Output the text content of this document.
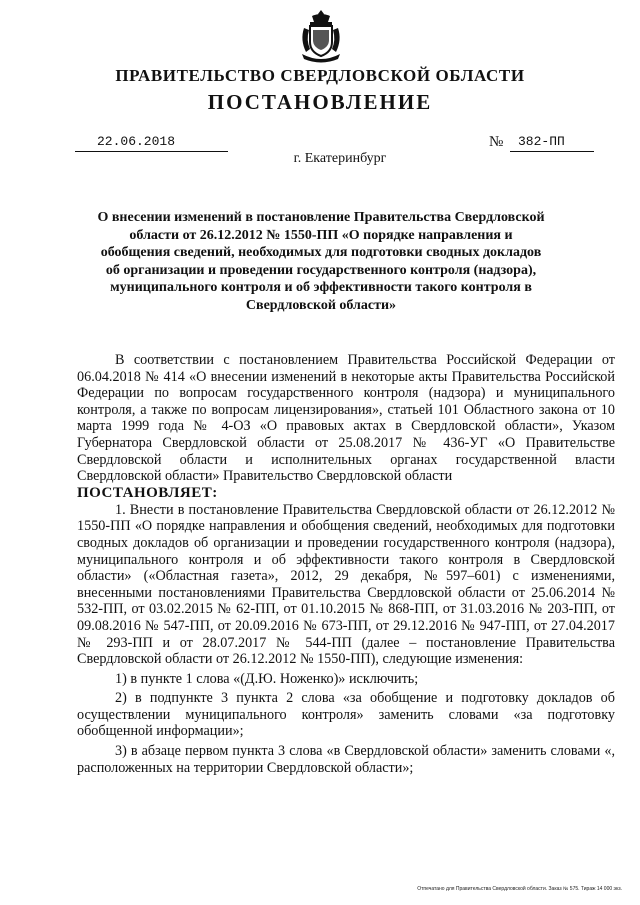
ПРАВИТЕЛЬСТВО СВЕРДЛОВСКОЙ ОБЛАСТИ
ПОСТАНОВЛЕНИЕ
22.06.2018	№	382-ПП
г. Екатеринбург
О внесении изменений в постановление Правительства Свердловской области от 26.12.2012 № 1550-ПП «О порядке направления и обобщения сведений, необходимых для подготовки сводных докладов об организации и проведении государственного контроля (надзора), муниципального контроля и об эффективности такого контроля в Свердловской области»

В соответствии с постановлением Правительства Российской Федерации от 06.04.2018 № 414 «О внесении изменений в некоторые акты Правительства Российской Федерации по вопросам государственного контроля (надзора) и муниципального контроля, а также по вопросам лицензирования», статьей 101 Областного закона от 10 марта 1999 года № 4-ОЗ «О правовых актах в Свердловской области», Указом Губернатора Свердловской области от 25.08.2017 № 436-УГ «О Правительстве Свердловской области и исполнительных органах государственной власти Свердловской области» Правительство Свердловской области

ПОСТАНОВЛЯЕТ:

1. Внести в постановление Правительства Свердловской области от 26.12.2012 № 1550-ПП «О порядке направления и обобщения сведений, необходимых для подготовки сводных докладов об организации и проведении государственного контроля (надзора), муниципального контроля и об эффективности такого контроля в Свердловской области» («Областная газета», 2012, 29 декабря, №597–601) с изменениями, внесенными постановлениями Правительства Свердловской области от 25.06.2014 № 532-ПП, от 03.02.2015 № 62-ПП, от 01.10.2015 № 868-ПП, от 31.03.2016 № 203-ПП, от 09.08.2016 № 547-ПП, от 20.09.2016 № 673-ПП, от 29.12.2016 № 947-ПП, от 27.04.2017 № 293-ПП и от 28.07.2017 № 544-ПП (далее – постановление Правительства Свердловской области от 26.12.2012 № 1550-ПП), следующие изменения:

1) в пункте 1 слова «(Д.Ю. Ноженко)» исключить;

2) в подпункте 3 пункта 2 слова «за обобщение и подготовку докладов об осуществлении муниципального контроля» заменить словами «за подготовку обобщенной информации»;

3) в абзаце первом пункта 3 слова «в Свердловской области» заменить словами «, расположенных на территории Свердловской области»;

Отпечатано для Правительства Свердловской области. Заказ № 575. Тираж 14 000 экз.
